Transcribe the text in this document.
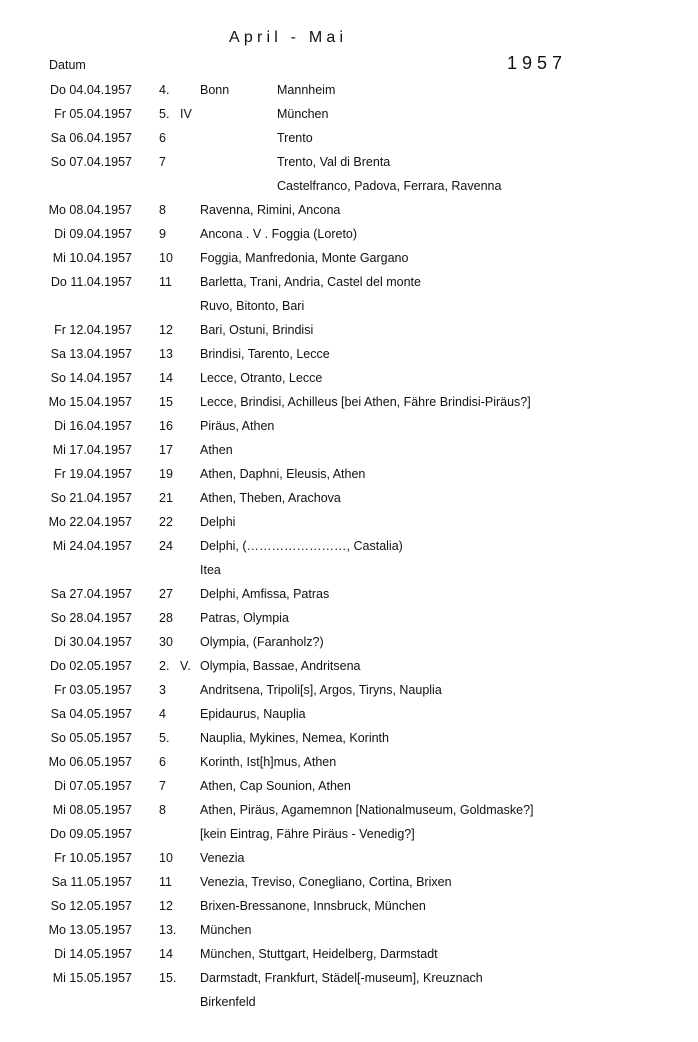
April - Mai
1957
Datum
Do 04.04.1957 4. Bonn	Mannheim
Fr 05.04.1957 5. IV	München
Sa 06.04.1957 6	Trento
So 07.04.1957 7	Trento, Val di Brenta
Castelfranco, Padova, Ferrara, Ravenna
Mo 08.04.1957 8	Ravenna, Rimini, Ancona
Di 09.04.1957 9	Ancona . V . Foggia (Loreto)
Mi 10.04.1957 10 Foggia, Manfredonia, Monte Gargano
Do 11.04.1957 11 Barletta, Trani, Andria, Castel del monte
Ruvo, Bitonto, Bari
Fr 12.04.1957 12 Bari, Ostuni, Brindisi
Sa 13.04.1957 13 Brindisi, Tarento, Lecce
So 14.04.1957 14 Lecce, Otranto, Lecce
Mo 15.04.1957 15 Lecce, Brindisi, Achilleus [bei Athen, Fähre Brindisi-Piräus?]
Di 16.04.1957 16 Piräus, Athen
Mi 17.04.1957 17 Athen
Fr 19.04.1957 19 Athen, Daphni, Eleusis, Athen
So 21.04.1957 21 Athen, Theben, Arachova
Mo 22.04.1957 22 Delphi
Mi 24.04.1957 24 Delphi, (……………………, Castalia)
Itea
Sa 27.04.1957 27 Delphi, Amfissa, Patras
So 28.04.1957 28 Patras, Olympia
Di 30.04.1957 30 Olympia, (Faranholz?)
Do 02.05.1957 2. V. Olympia, Bassae, Andritsena
Fr 03.05.1957 3	Andritsena, Tripoli[s], Argos, Tiryns, Nauplia
Sa 04.05.1957 4	Epidaurus, Nauplia
So 05.05.1957 5. Nauplia, Mykines, Nemea, Korinth
Mo 06.05.1957 6	Korinth, Ist[h]mus, Athen
Di 07.05.1957 7	Athen, Cap Sounion, Athen
Mi 08.05.1957 8	Athen, Piräus, Agamemnon [Nationalmuseum, Goldmaske?]
Do 09.05.1957	[kein Eintrag, Fähre Piräus - Venedig?]
Fr 10.05.1957 10 Venezia
Sa 11.05.1957 11 Venezia, Treviso, Conegliano, Cortina, Brixen
So 12.05.1957 12 Brixen-Bressanone, Innsbruck, München
Mo 13.05.1957 13. München
Di 14.05.1957 14 München, Stuttgart, Heidelberg, Darmstadt
Mi 15.05.1957 15. Darmstadt, Frankfurt, Städel[-museum], Kreuznach
Birkenfeld
